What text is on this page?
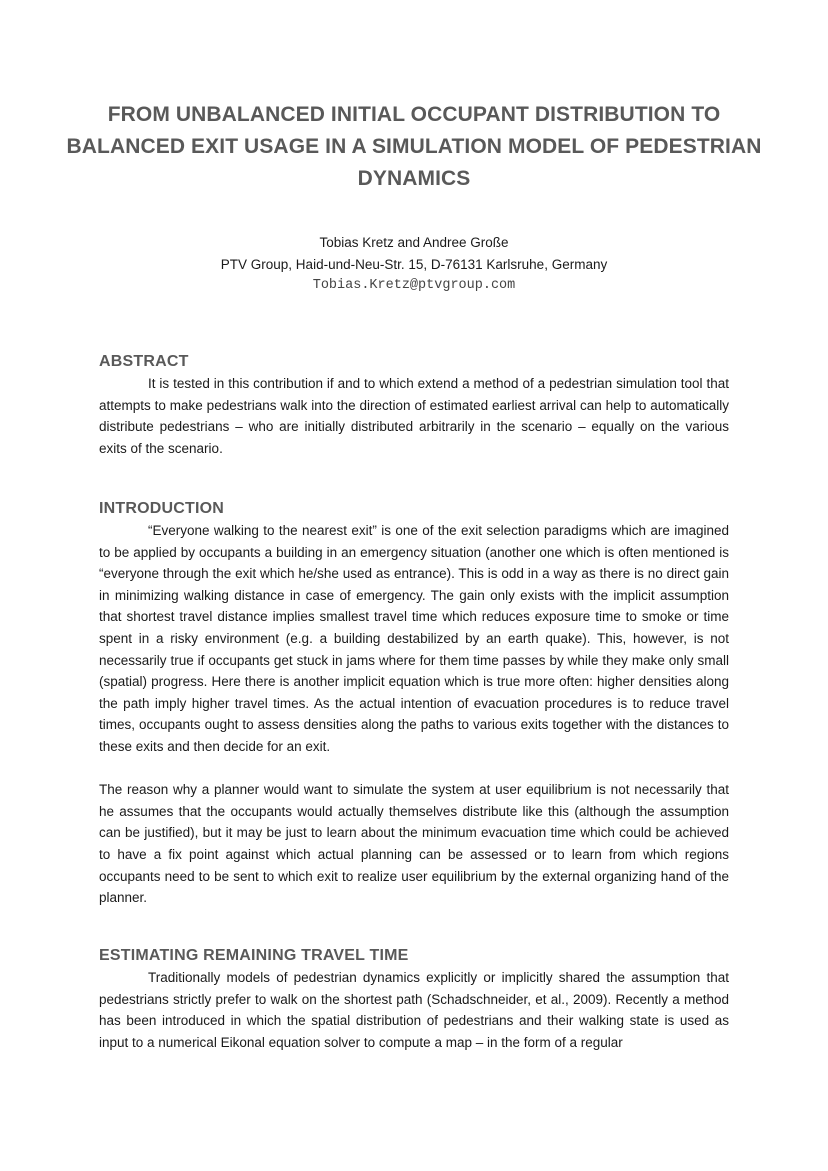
FROM UNBALANCED INITIAL OCCUPANT DISTRIBUTION TO BALANCED EXIT USAGE IN A SIMULATION MODEL OF PEDESTRIAN DYNAMICS
Tobias Kretz and Andree Große
PTV Group, Haid-und-Neu-Str. 15, D-76131 Karlsruhe, Germany
Tobias.Kretz@ptvgroup.com
ABSTRACT

It is tested in this contribution if and to which extend a method of a pedestrian simulation tool that attempts to make pedestrians walk into the direction of estimated earliest arrival can help to automatically distribute pedestrians – who are initially distributed arbitrarily in the scenario – equally on the various exits of the scenario.

INTRODUCTION

“Everyone walking to the nearest exit” is one of the exit selection paradigms which are imagined to be applied by occupants a building in an emergency situation (another one which is often mentioned is “everyone through the exit which he/she used as entrance). This is odd in a way as there is no direct gain in minimizing walking distance in case of emergency. The gain only exists with the implicit assumption that shortest travel distance implies smallest travel time which reduces exposure time to smoke or time spent in a risky environment (e.g. a building destabilized by an earth quake). This, however, is not necessarily true if occupants get stuck in jams where for them time passes by while they make only small (spatial) progress. Here there is another implicit equation which is true more often: higher densities along the path imply higher travel times. As the actual intention of evacuation procedures is to reduce travel times, occupants ought to assess densities along the paths to various exits together with the distances to these exits and then decide for an exit.

The reason why a planner would want to simulate the system at user equilibrium is not necessarily that he assumes that the occupants would actually themselves distribute like this (although the assumption can be justified), but it may be just to learn about the minimum evacuation time which could be achieved to have a fix point against which actual planning can be assessed or to learn from which regions occupants need to be sent to which exit to realize user equilibrium by the external organizing hand of the planner.

ESTIMATING REMAINING TRAVEL TIME

Traditionally models of pedestrian dynamics explicitly or implicitly shared the assumption that pedestrians strictly prefer to walk on the shortest path (Schadschneider, et al., 2009). Recently a method has been introduced in which the spatial distribution of pedestrians and their walking state is used as input to a numerical Eikonal equation solver to compute a map – in the form of a regular
